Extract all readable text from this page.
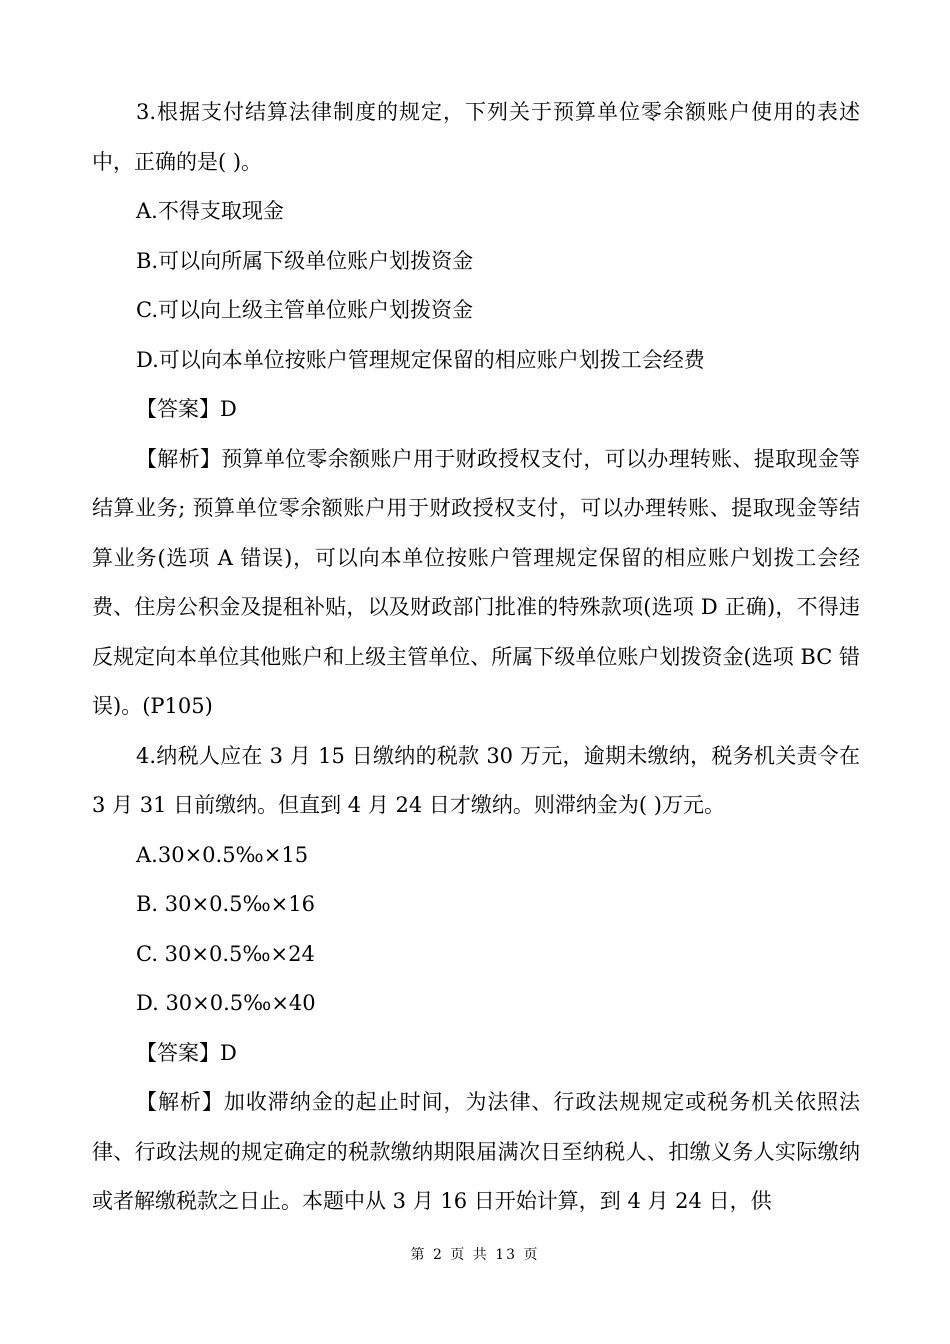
3.根据支付结算法律制度的规定，下列关于预算单位零余额账户使用的表述中，正确的是( )。

A.不得支取现金

B.可以向所属下级单位账户划拨资金

C.可以向上级主管单位账户划拨资金

D.可以向本单位按账户管理规定保留的相应账户划拨工会经费

【答案】D

【解析】预算单位零余额账户用于财政授权支付，可以办理转账、提取现金等结算业务; 预算单位零余额账户用于财政授权支付，可以办理转账、提取现金等结算业务(选项 A 错误)，可以向本单位按账户管理规定保留的相应账户划拨工会经费、住房公积金及提租补贴，以及财政部门批准的特殊款项(选项 D 正确)，不得违反规定向本单位其他账户和上级主管单位、所属下级单位账户划拨资金(选项 BC 错误)。(P105)

4.纳税人应在 3 月 15 日缴纳的税款 30 万元，逾期未缴纳，税务机关责令在 3 月 31 日前缴纳。但直到 4 月 24 日才缴纳。则滞纳金为( )万元。

A.30×0.5‰×15

B. 30×0.5‰×16

C. 30×0.5‰×24

D. 30×0.5‰×40

【答案】D

【解析】加收滞纳金的起止时间，为法律、行政法规规定或税务机关依照法律、行政法规的规定确定的税款缴纳期限届满次日至纳税人、扣缴义务人实际缴纳或者解缴税款之日止。本题中从 3 月 16 日开始计算，到 4 月 24 日，供

第 2 页 共 13 页
